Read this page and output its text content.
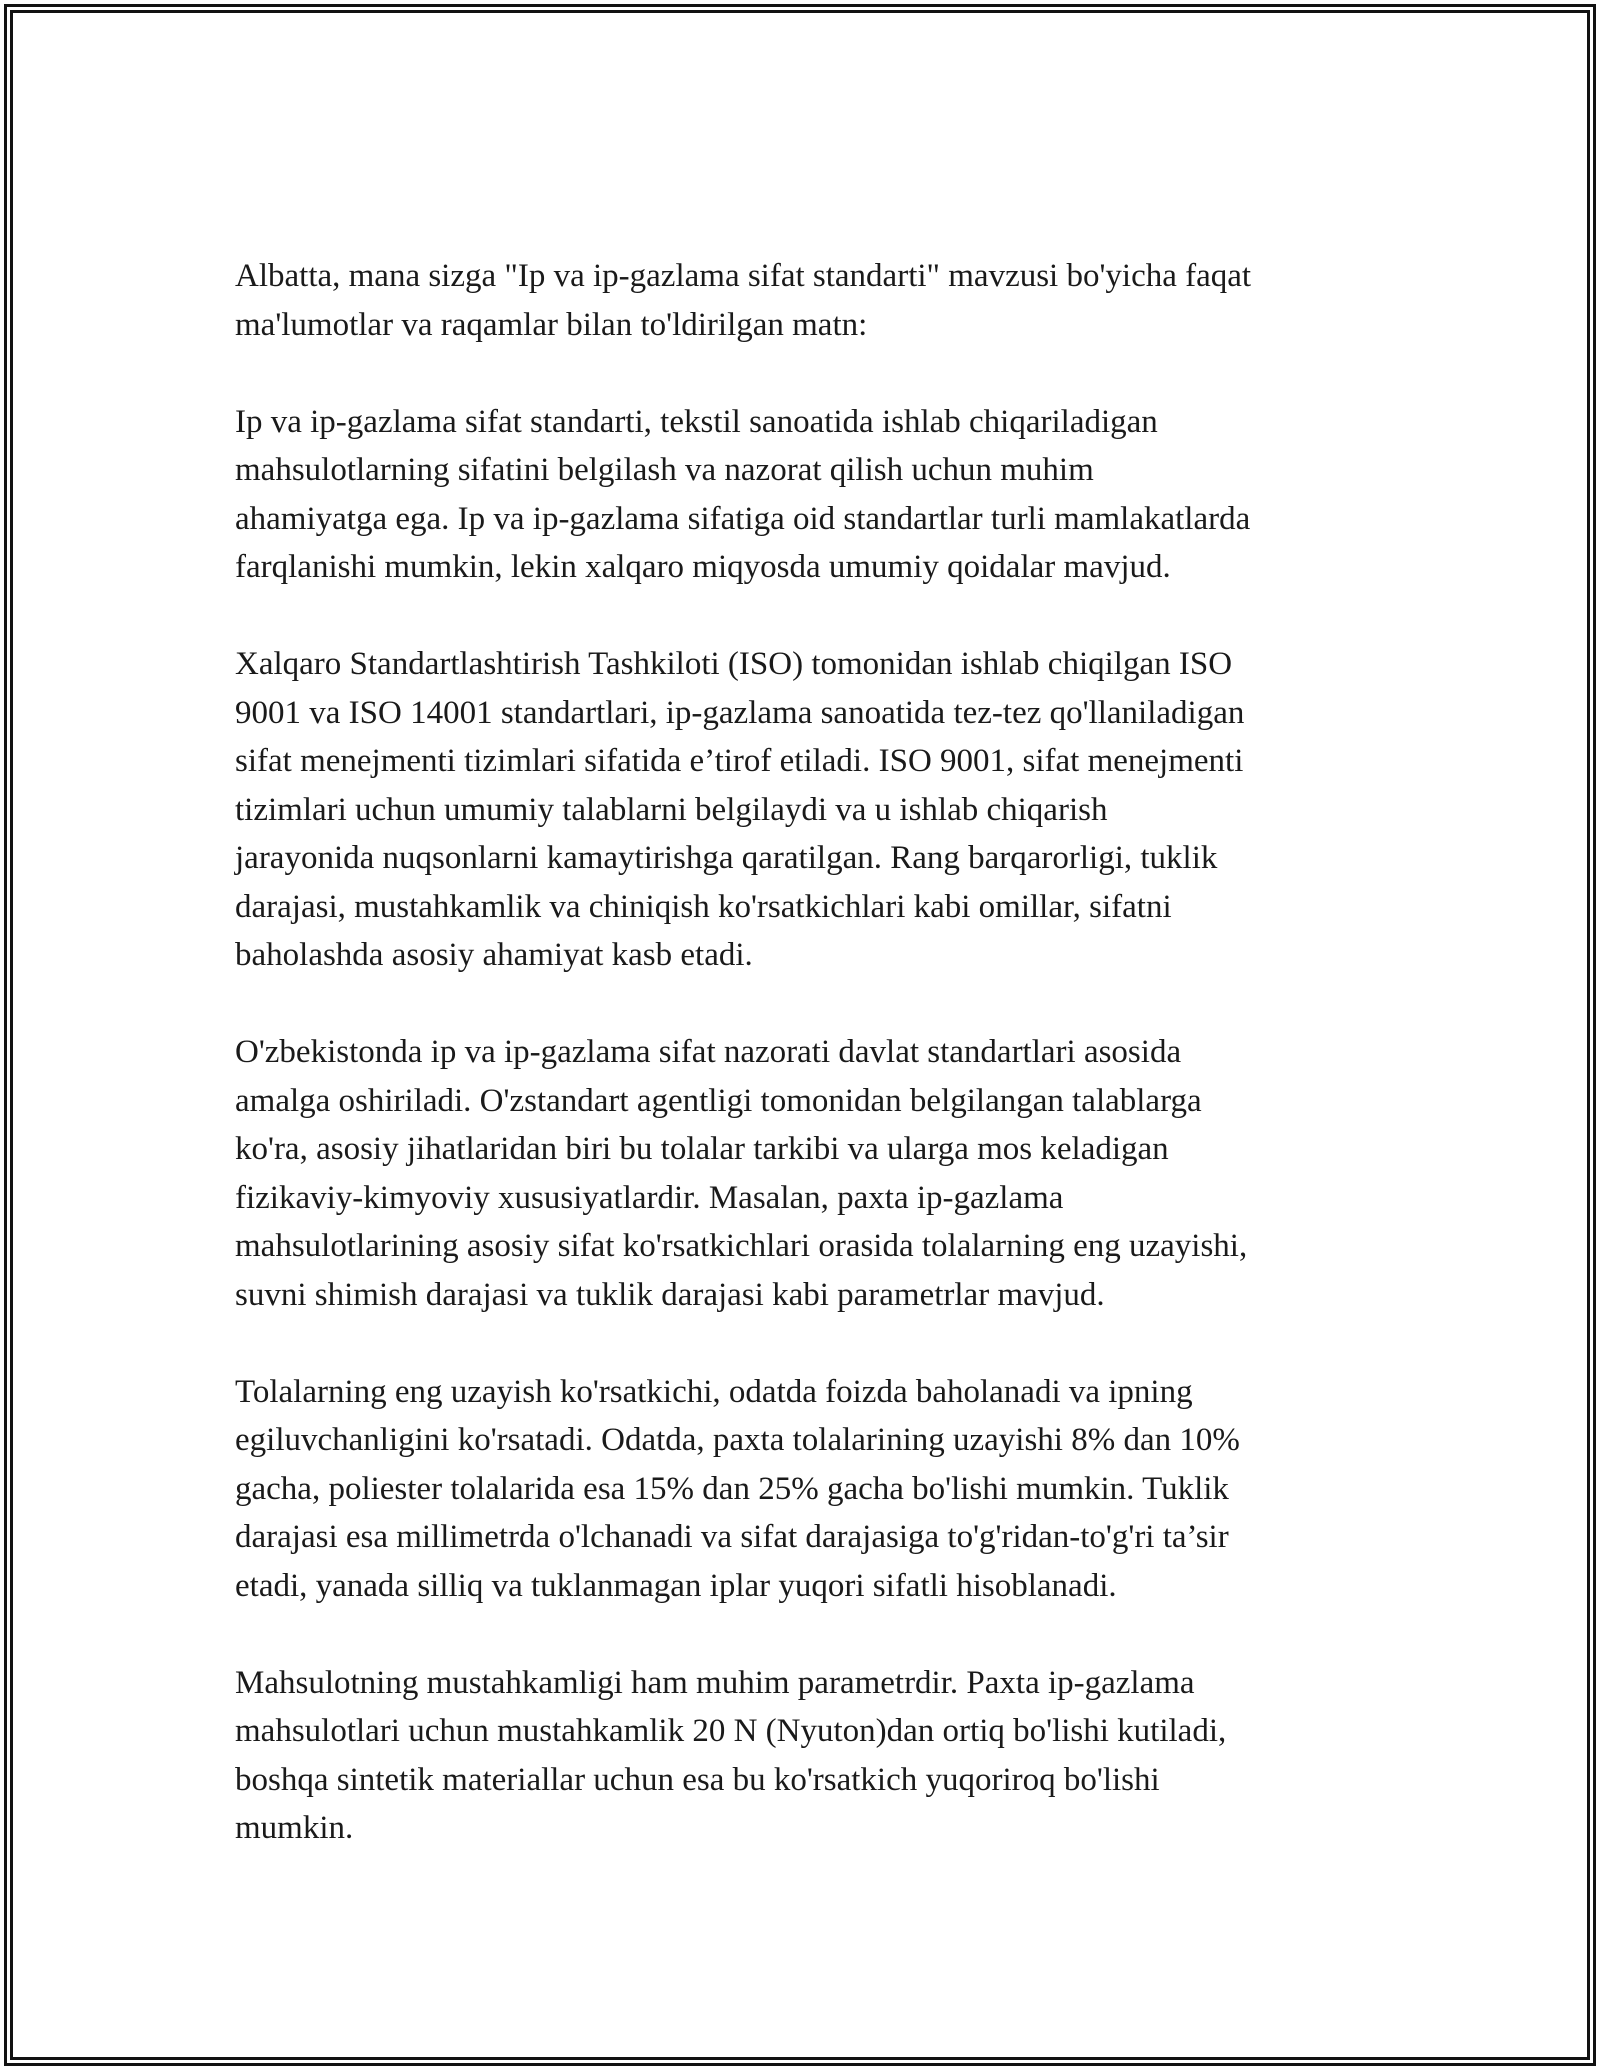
Albatta, mana sizga "Ip va ip-gazlama sifat standarti" mavzusi bo'yicha faqat
ma'lumotlar va raqamlar bilan to'ldirilgan matn:

Ip va ip-gazlama sifat standarti, tekstil sanoatida ishlab chiqariladigan
mahsulotlarning sifatini belgilash va nazorat qilish uchun muhim
ahamiyatga ega. Ip va ip-gazlama sifatiga oid standartlar turli mamlakatlarda
farqlanishi mumkin, lekin xalqaro miqyosda umumiy qoidalar mavjud.

Xalqaro Standartlashtirish Tashkiloti (ISO) tomonidan ishlab chiqilgan ISO
9001 va ISO 14001 standartlari, ip-gazlama sanoatida tez-tez qo'llaniladigan
sifat menejmenti tizimlari sifatida e’tirof etiladi. ISO 9001, sifat menejmenti
tizimlari uchun umumiy talablarni belgilaydi va u ishlab chiqarish
jarayonida nuqsonlarni kamaytirishga qaratilgan. Rang barqarorligi, tuklik
darajasi, mustahkamlik va chiniqish ko'rsatkichlari kabi omillar, sifatni
baholashda asosiy ahamiyat kasb etadi.

O'zbekistonda ip va ip-gazlama sifat nazorati davlat standartlari asosida
amalga oshiriladi. O'zstandart agentligi tomonidan belgilangan talablarga
ko'ra, asosiy jihatlaridan biri bu tolalar tarkibi va ularga mos keladigan
fizikaviy-kimyoviy xususiyatlardir. Masalan, paxta ip-gazlama
mahsulotlarining asosiy sifat ko'rsatkichlari orasida tolalarning eng uzayishi,
suvni shimish darajasi va tuklik darajasi kabi parametrlar mavjud.

Tolalarning eng uzayish ko'rsatkichi, odatda foizda baholanadi va ipning
egiluvchanligini ko'rsatadi. Odatda, paxta tolalarining uzayishi 8% dan 10%
gacha, poliester tolalarida esa 15% dan 25% gacha bo'lishi mumkin. Tuklik
darajasi esa millimetrda o'lchanadi va sifat darajasiga to'g'ridan-to'g'ri ta’sir
etadi, yanada silliq va tuklanmagan iplar yuqori sifatli hisoblanadi.

Mahsulotning mustahkamligi ham muhim parametrdir. Paxta ip-gazlama
mahsulotlari uchun mustahkamlik 20 N (Nyuton)dan ortiq bo'lishi kutiladi,
boshqa sintetik materiallar uchun esa bu ko'rsatkich yuqoriroq bo'lishi
mumkin.
